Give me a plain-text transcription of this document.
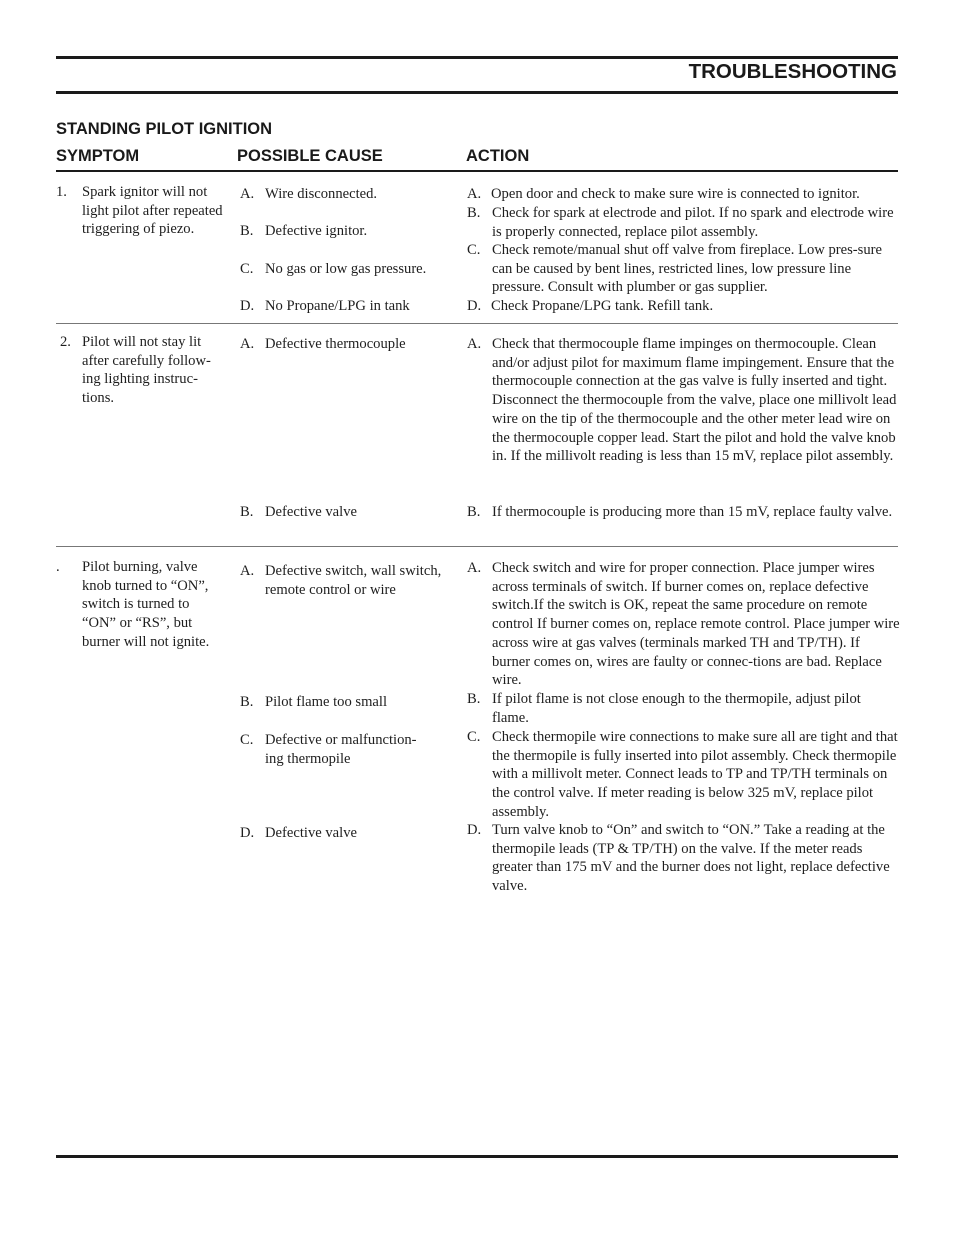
TROUBLESHOOTING
STANDING PILOT IGNITION
SYMPTOM	POSSIBLE CAUSE	ACTION
1. Spark ignitor will not light pilot after repeated triggering of piezo.
A. Wire disconnected.
B. Defective ignitor.
C. No gas or low gas pressure.
D. No Propane/LPG in tank
A. Open door and check to make sure wire is connected to ignitor.
B. Check for spark at electrode and pilot. If no spark and electrode wire is properly connected, replace pilot assembly.
C. Check remote/manual shut off valve from fireplace. Low pres-sure can be caused by bent lines, restricted lines, low pressure line pressure. Consult with plumber or gas supplier.
D. Check Propane/LPG tank. Refill tank.
2. Pilot will not stay lit after carefully follow-ing lighting instruc-tions.
A. Defective thermocouple
B. Defective valve
A. Check that thermocouple flame impinges on thermocouple. Clean and/or adjust pilot for maximum flame impingement. Ensure that the thermocouple connection at the gas valve is fully inserted and tight. Disconnect the thermocouple from the valve, place one millivolt lead wire on the tip of the thermocouple and the other meter lead wire on the thermocouple copper lead. Start the pilot and hold the valve knob in. If the millivolt reading is less than 15 mV, replace pilot assembly.
B. If thermocouple is producing more than 15 mV, replace faulty valve.
. Pilot burning, valve knob turned to “ON”, switch is turned to “ON” or “RS”, but burner will not ignite.
A. Defective switch, wall switch, remote control or wire
B. Pilot flame too small
C. Defective or malfunction-ing thermopile
D. Defective valve
A. Check switch and wire for proper connection. Place jumper wires across terminals of switch. If burner comes on, replace defective switch.If the switch is OK, repeat the same procedure on remote control If burner comes on, replace remote control. Place jumper wire across wire at gas valves (terminals marked TH and TP/TH). If burner comes on, wires are faulty or connec-tions are bad. Replace wire.
B. If pilot flame is not close enough to the thermopile, adjust pilot flame.
C. Check thermopile wire connections to make sure all are tight and that the thermopile is fully inserted into pilot assembly. Check thermopile with a millivolt meter. Connect leads to TP and TP/TH terminals on the control valve. If meter reading is below 325 mV, replace pilot assembly.
D. Turn valve knob to “On” and switch to “ON.” Take a reading at the thermopile leads (TP & TP/TH) on the valve. If the meter reads greater than 175 mV and the burner does not light, replace defective valve.
